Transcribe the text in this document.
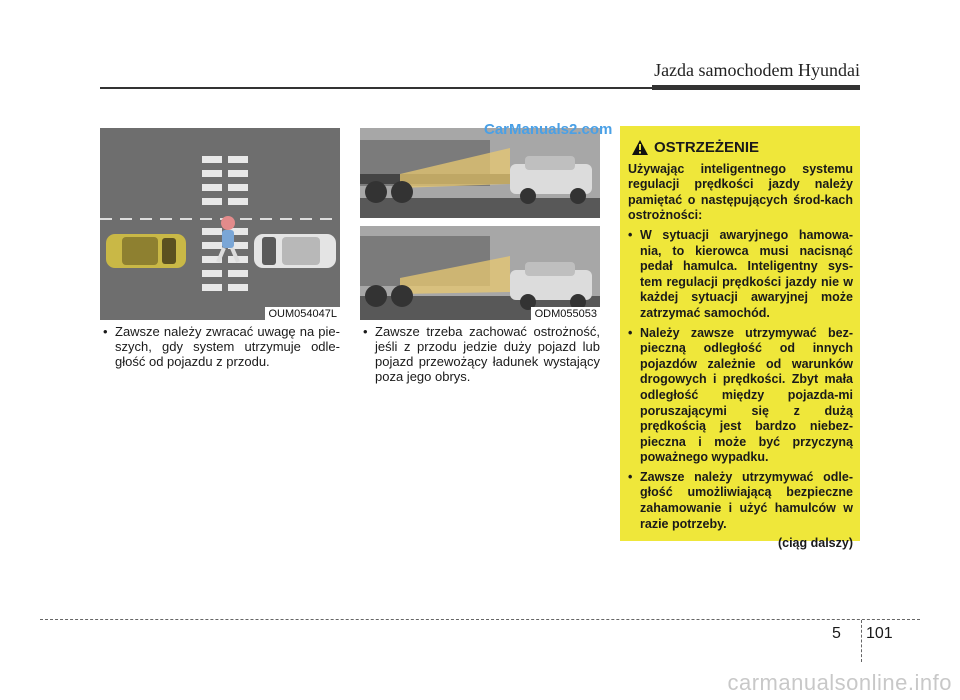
Jazda samochodem Hyundai
OUM054047L	ODM055053
CarManuals2.com
• Zawsze należy zwracać uwagę na pie-szych, gdy system utrzymuje odle-głość od pojazdu z przodu.
• Zawsze trzeba zachować ostrożność, jeśli z przodu jedzie duży pojazd lub pojazd przewożący ładunek wystający poza jego obrys.
OSTRZEŻENIE

Używając inteligentnego systemu regulacji prędkości jazdy należy pamiętać o następujących środ-kach ostrożności:

• W sytuacji awaryjnego hamowa-nia, to kierowca musi nacisnąć pedał hamulca. Inteligentny sys-tem regulacji prędkości jazdy nie w każdej sytuacji awaryjnej może zatrzymać samochód.
• Należy zawsze utrzymywać bez-pieczną odległość od innych pojazdów zależnie od warunków drogowych i prędkości. Zbyt mała odległość między pojazda-mi poruszającymi się z dużą prędkością jest bardzo niebez-pieczna i może być przyczyną poważnego wypadku.
• Zawsze należy utrzymywać odle-głość umożliwiającą bezpieczne zahamowanie i użyć hamulców w razie potrzeby.
(ciąg dalszy)
5 101
carmanualsonline.info
